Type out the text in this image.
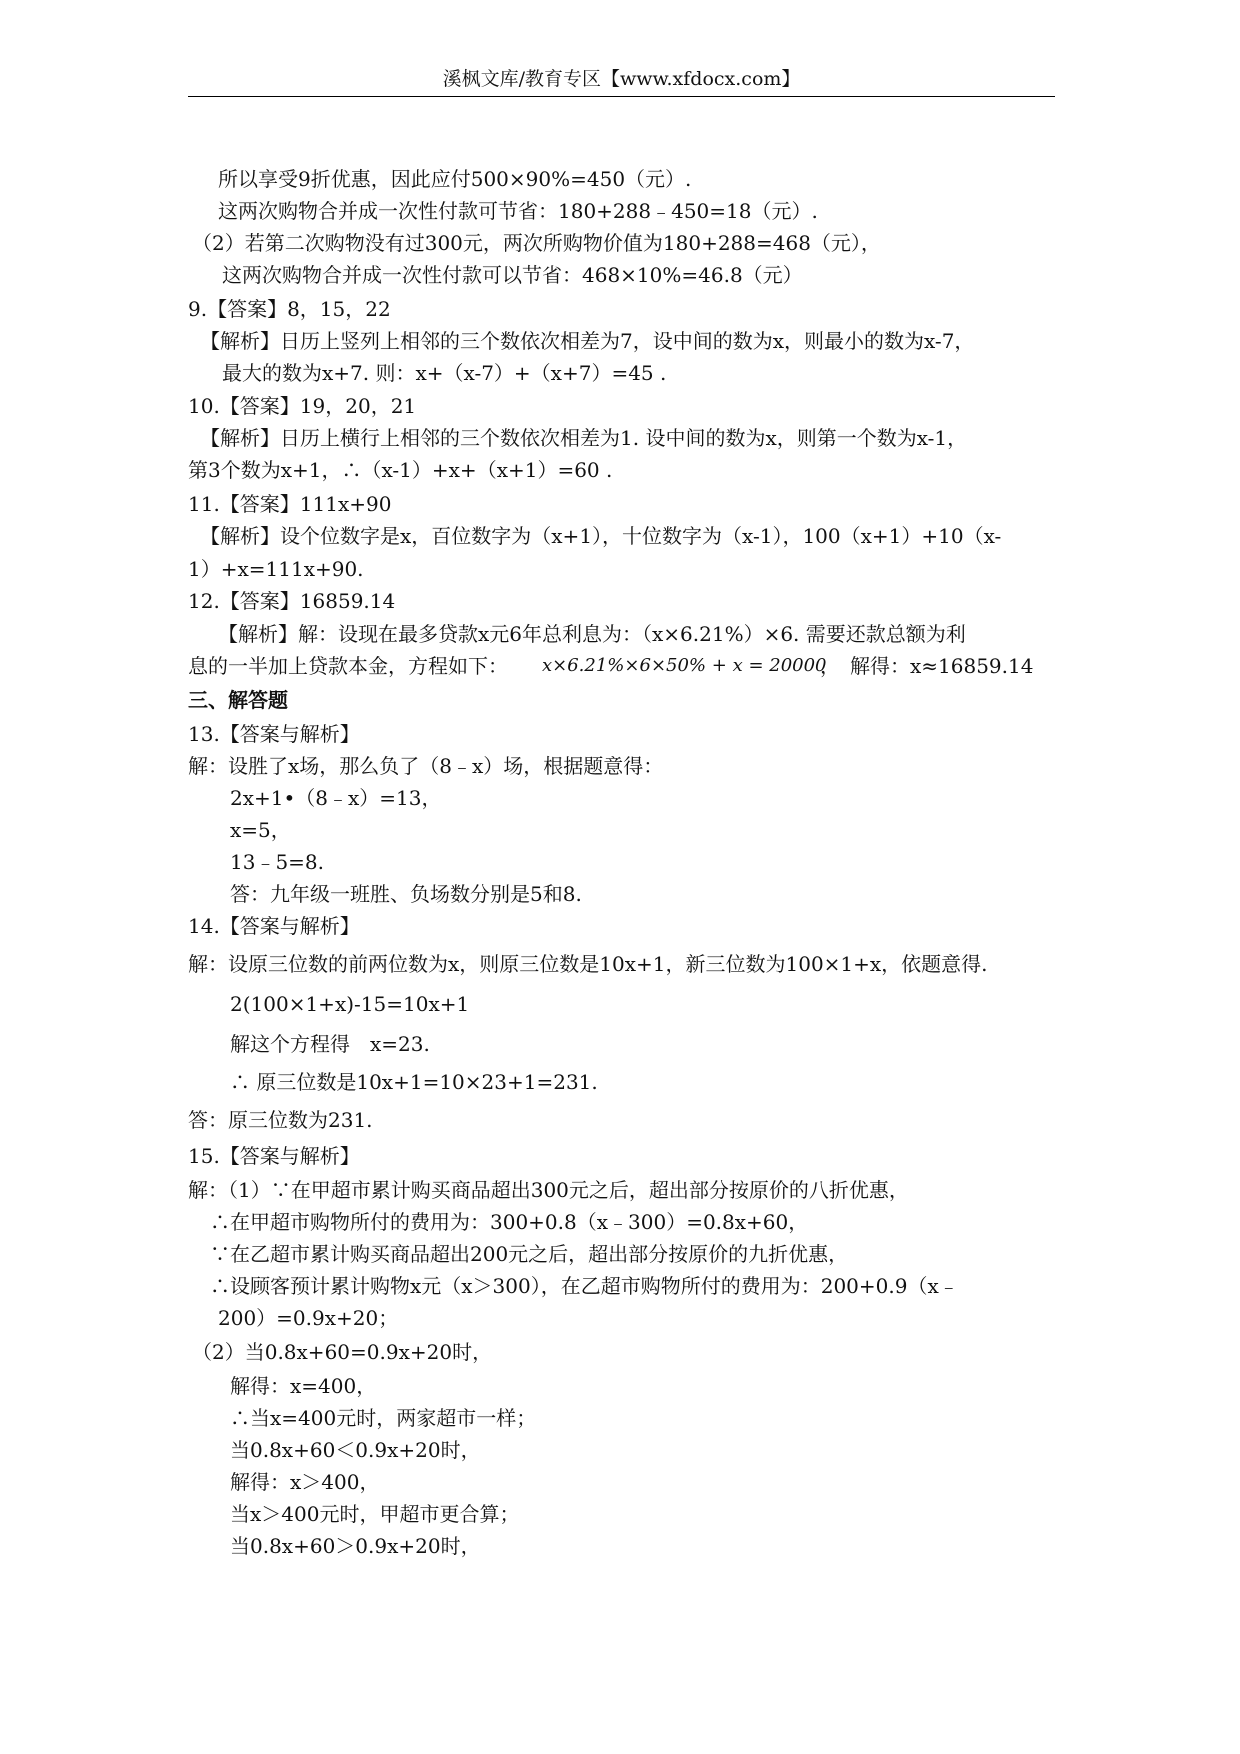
溪枫文库/教育专区【www.xfdocx.com】
所以享受9折优惠，因此应付500×90%=450（元）.
这两次购物合并成一次性付款可节省：180+288﹣450=18（元）.
（2）若第二次购物没有过300元，两次所购物价值为180+288=468（元），
这两次购物合并成一次性付款可以节省：468×10%=46.8（元）
9.【答案】8，15，22
【解析】日历上竖列上相邻的三个数依次相差为7，设中间的数为x，则最小的数为x-7，
最大的数为x+7. 则：x+（x-7）+（x+7）=45 .
10.【答案】19，20，21
【解析】日历上横行上相邻的三个数依次相差为1. 设中间的数为x，则第一个数为x-1，
第3个数为x+1，∴（x-1）+x+（x+1）=60 .
11.【答案】111x+90
【解析】设个位数字是x，百位数字为（x+1），十位数字为（x-1），100（x+1）+10（x-
1）+x=111x+90.
12.【答案】16859.14
【解析】解：设现在最多贷款x元6年总利息为：（x×6.21%）×6. 需要还款总额为利
息的一半加上贷款本金，方程如下： x×6.21%×6×50% + x = 20000
，　解得：x≈16859.14
三、解答题
13.【答案与解析】
解：设胜了x场，那么负了（8﹣x）场，根据题意得：
2x+1•（8﹣x）=13，
x=5，
13﹣5=8.
答：九年级一班胜、负场数分别是5和8.
14.【答案与解析】
解：设原三位数的前两位数为x，则原三位数是10x+1，新三位数为100×1+x，依题意得.
2(100×1+x)-15=10x+1
解这个方程得　x=23.
∴ 原三位数是10x+1=10×23+1=231.
答：原三位数为231.
15.【答案与解析】
解：（1）∵在甲超市累计购买商品超出300元之后，超出部分按原价的八折优惠，
∴在甲超市购物所付的费用为：300+0.8（x﹣300）=0.8x+60，
∵在乙超市累计购买商品超出200元之后，超出部分按原价的九折优惠，
∴设顾客预计累计购物x元（x＞300），在乙超市购物所付的费用为：200+0.9（x﹣
200）=0.9x+20；
（2）当0.8x+60=0.9x+20时，
解得：x=400，
∴当x=400元时，两家超市一样；
当0.8x+60＜0.9x+20时，
解得：x＞400，
当x＞400元时，甲超市更合算；
当0.8x+60＞0.9x+20时，
